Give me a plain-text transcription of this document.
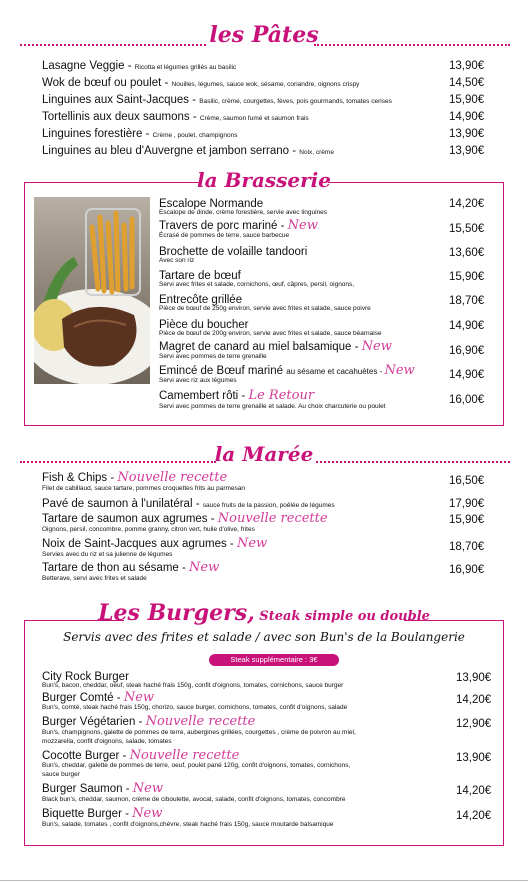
les Pâtes
Lasagne Veggie - Ricotta et légumes grillés au basilic	13,90€
Wok de bœuf ou poulet - Nouilles, légumes, sauce wok, sésame, coriandre, oignons crispy	14,50€
Linguines aux Saint-Jacques - Basilic, crème, courgettes, fèves, pois gourmands, tomates cerises	15,90€
Tortellinis aux deux saumons - Crème, saumon fumé et saumon frais	14,90€
Linguines forestière - Crème , poulet, champignons	13,90€
Linguines au bleu d'Auvergne et jambon serrano - Noix, crème	13,90€
la Brasserie
Escalope Normande
Escalope de dinde, crème forestière, servie avec linguines
14,20€
Travers de porc mariné - New
Écrasé de pommes de terre, sauce barbecue
15,50€
Brochette de volaille tandoori
Avec son riz
13,60€
Tartare de bœuf
Servi avec frites et salade, cornichons, œuf, câpres, persil, oignons,
15,90€
Entrecôte grillée
Pièce de bœuf de 250g environ, servie avec frites et salade, sauce poivre
18,70€
Pièce du boucher
Pièce de bœuf de 200g environ, servie avec frites et salade, sauce béarnaise
14,90€
Magret de canard au miel balsamique - New
Servi avec pommes de terre grenaille	16,90€
Emincé de Bœuf mariné au sésame et cacahuètes - New
Servi avec riz aux légumes	14,90€
Camembert rôti - Le Retour
Servi avec pommes de terre grenaille et salade. Au choix charcuterie ou poulet
16,00€
la Marée
Fish & Chips - Nouvelle recette
Filet de cabillaud, sauce tartare, pommes croquettes frits au parmesan
16,50€
Pavé de saumon à l'unilatéral - sauce fruits de la passion, poêlée de légumes	17,90€
Tartare de saumon aux agrumes - Nouvelle recette
Oignons, persil, concombre, pomme granny, citron vert, huile d'olive, frites
15,90€
Noix de Saint-Jacques aux agrumes - New
Servies avec du riz et sa julienne de légumes
18,70€
Tartare de thon au sésame - New
Betterave, servi avec frites et salade
16,90€
Les Burgers, Steak simple ou double
Servis avec des frites et salade / avec son Bun's de la Boulangerie
Steak supplémentaire : 3€
City Rock Burger
Bun's, bacon, cheddar, oeuf, steak haché frais 150g, confit d'oignons, tomates, cornichons, sauce burger
13,90€
Burger Comté - New
Bun's, comté, steak haché frais 150g, chorizo, sauce burger, cornichons, tomates, confit d'oignons, salade
14,20€
Burger Végétarien - Nouvelle recette
Bun's, champignons, galette de pommes de terre, aubergines grillées, courgettes , crème de poivron au miel,
mozzarella, confit d'oignons, salade, tomates
12,90€
Cocotte Burger - Nouvelle recette
Bun's, cheddar, galette de pommes de terre, oeuf, poulet pané 120g, confit d'oignons, tomates, cornichons,
sauce burger
13,90€
Burger Saumon - New
Black bun's, cheddar, saumon, crème de ciboulette, avocat, salade, confit d'oignons, tomates, concombre
14,20€
Biquette Burger - New
Bun's, salade, tomates , confit d'oignons,chèvre, steak haché frais 150g, sauce moutarde balsamique
14,20€
